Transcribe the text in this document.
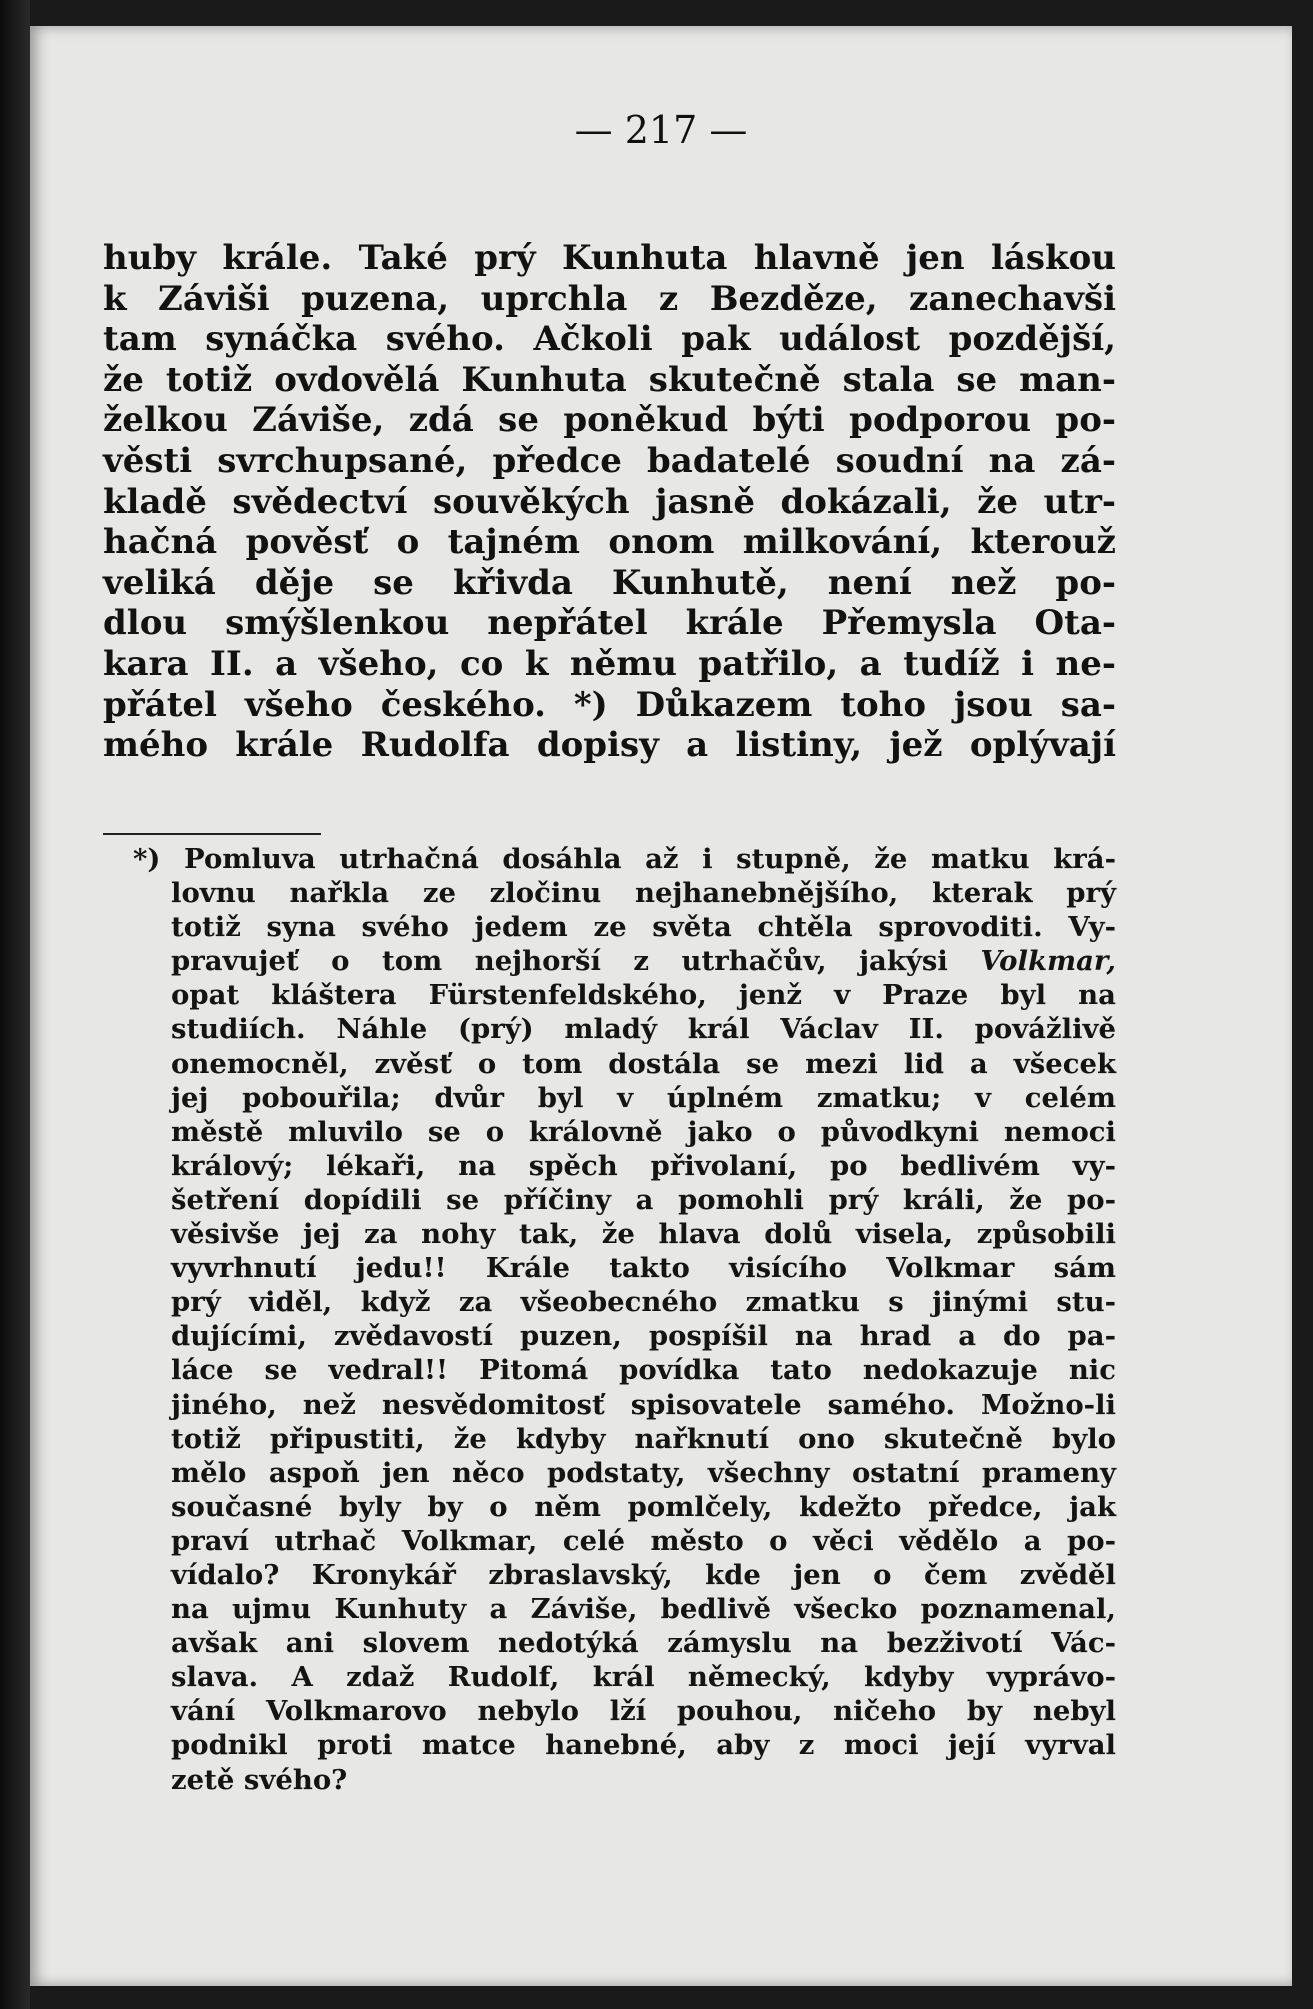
— 217 —
huby krále. Také prý Kunhuta hlavně jen láskou
k Záviši puzena, uprchla z Bezděze, zanechavši
tam synáčka svého. Ačkoli pak událost pozdější,
že totiž ovdovělá Kunhuta skutečně stala se man-
želkou Záviše, zdá se poněkud býti podporou po-
věsti svrchupsané, předce badatelé soudní na zá-
kladě svědectví souvěkých jasně dokázali, že utr-
hačná pověsť o tajném onom milkování, kterouž
veliká děje se křivda Kunhutě, není než po-
dlou smýšlenkou nepřátel krále Přemysla Ota-
kara II. a všeho, co k němu patřilo, a tudíž i ne-
přátel všeho českého. *) Důkazem toho jsou sa-
mého krále Rudolfa dopisy a listiny, jež oplývají
*) Pomluva utrhačná dosáhla až i stupně, že matku krá-
lovnu nařkla ze zločinu nejhanebnějšího, kterak prý
totiž syna svého jedem ze světa chtěla sprovoditi. Vy-
pravujeť o tom nejhorší z utrhačův, jakýsi Volkmar,
opat kláštera Fürstenfeldského, jenž v Praze byl na
studiích. Náhle (prý) mladý král Václav II. povážlivě
onemocněl, zvěsť o tom dostála se mezi lid a všecek
jej pobouřila; dvůr byl v úplném zmatku; v celém
městě mluvilo se o královně jako o původkyni nemoci
králový; lékaři, na spěch přivolaní, po bedlivém vy-
šetření dopídili se příčiny a pomohli prý králi, že po-
věsivše jej za nohy tak, že hlava dolů visela, způsobili
vyvrhnutí jedu!! Krále takto visícího Volkmar sám
prý viděl, když za všeobecného zmatku s jinými stu-
dujícími, zvědavostí puzen, pospíšil na hrad a do pa-
láce se vedral!! Pitomá povídka tato nedokazuje nic
jiného, než nesvědomitosť spisovatele samého. Možno-li
totiž připustiti, že kdyby nařknutí ono skutečně bylo
mělo aspoň jen něco podstaty, všechny ostatní prameny
současné byly by o něm pomlčely, kdežto předce, jak
praví utrhač Volkmar, celé město o věci vědělo a po-
vídalo? Kronykář zbraslavský, kde jen o čem zvěděl
na ujmu Kunhuty a Záviše, bedlivě všecko poznamenal,
avšak ani slovem nedotýká zámyslu na bezživotí Vác-
slava. A zdaž Rudolf, král německý, kdyby vyprávo-
vání Volkmarovo nebylo lží pouhou, ničeho by nebyl
podnikl proti matce hanebné, aby z moci její vyrval
zetě svého?
